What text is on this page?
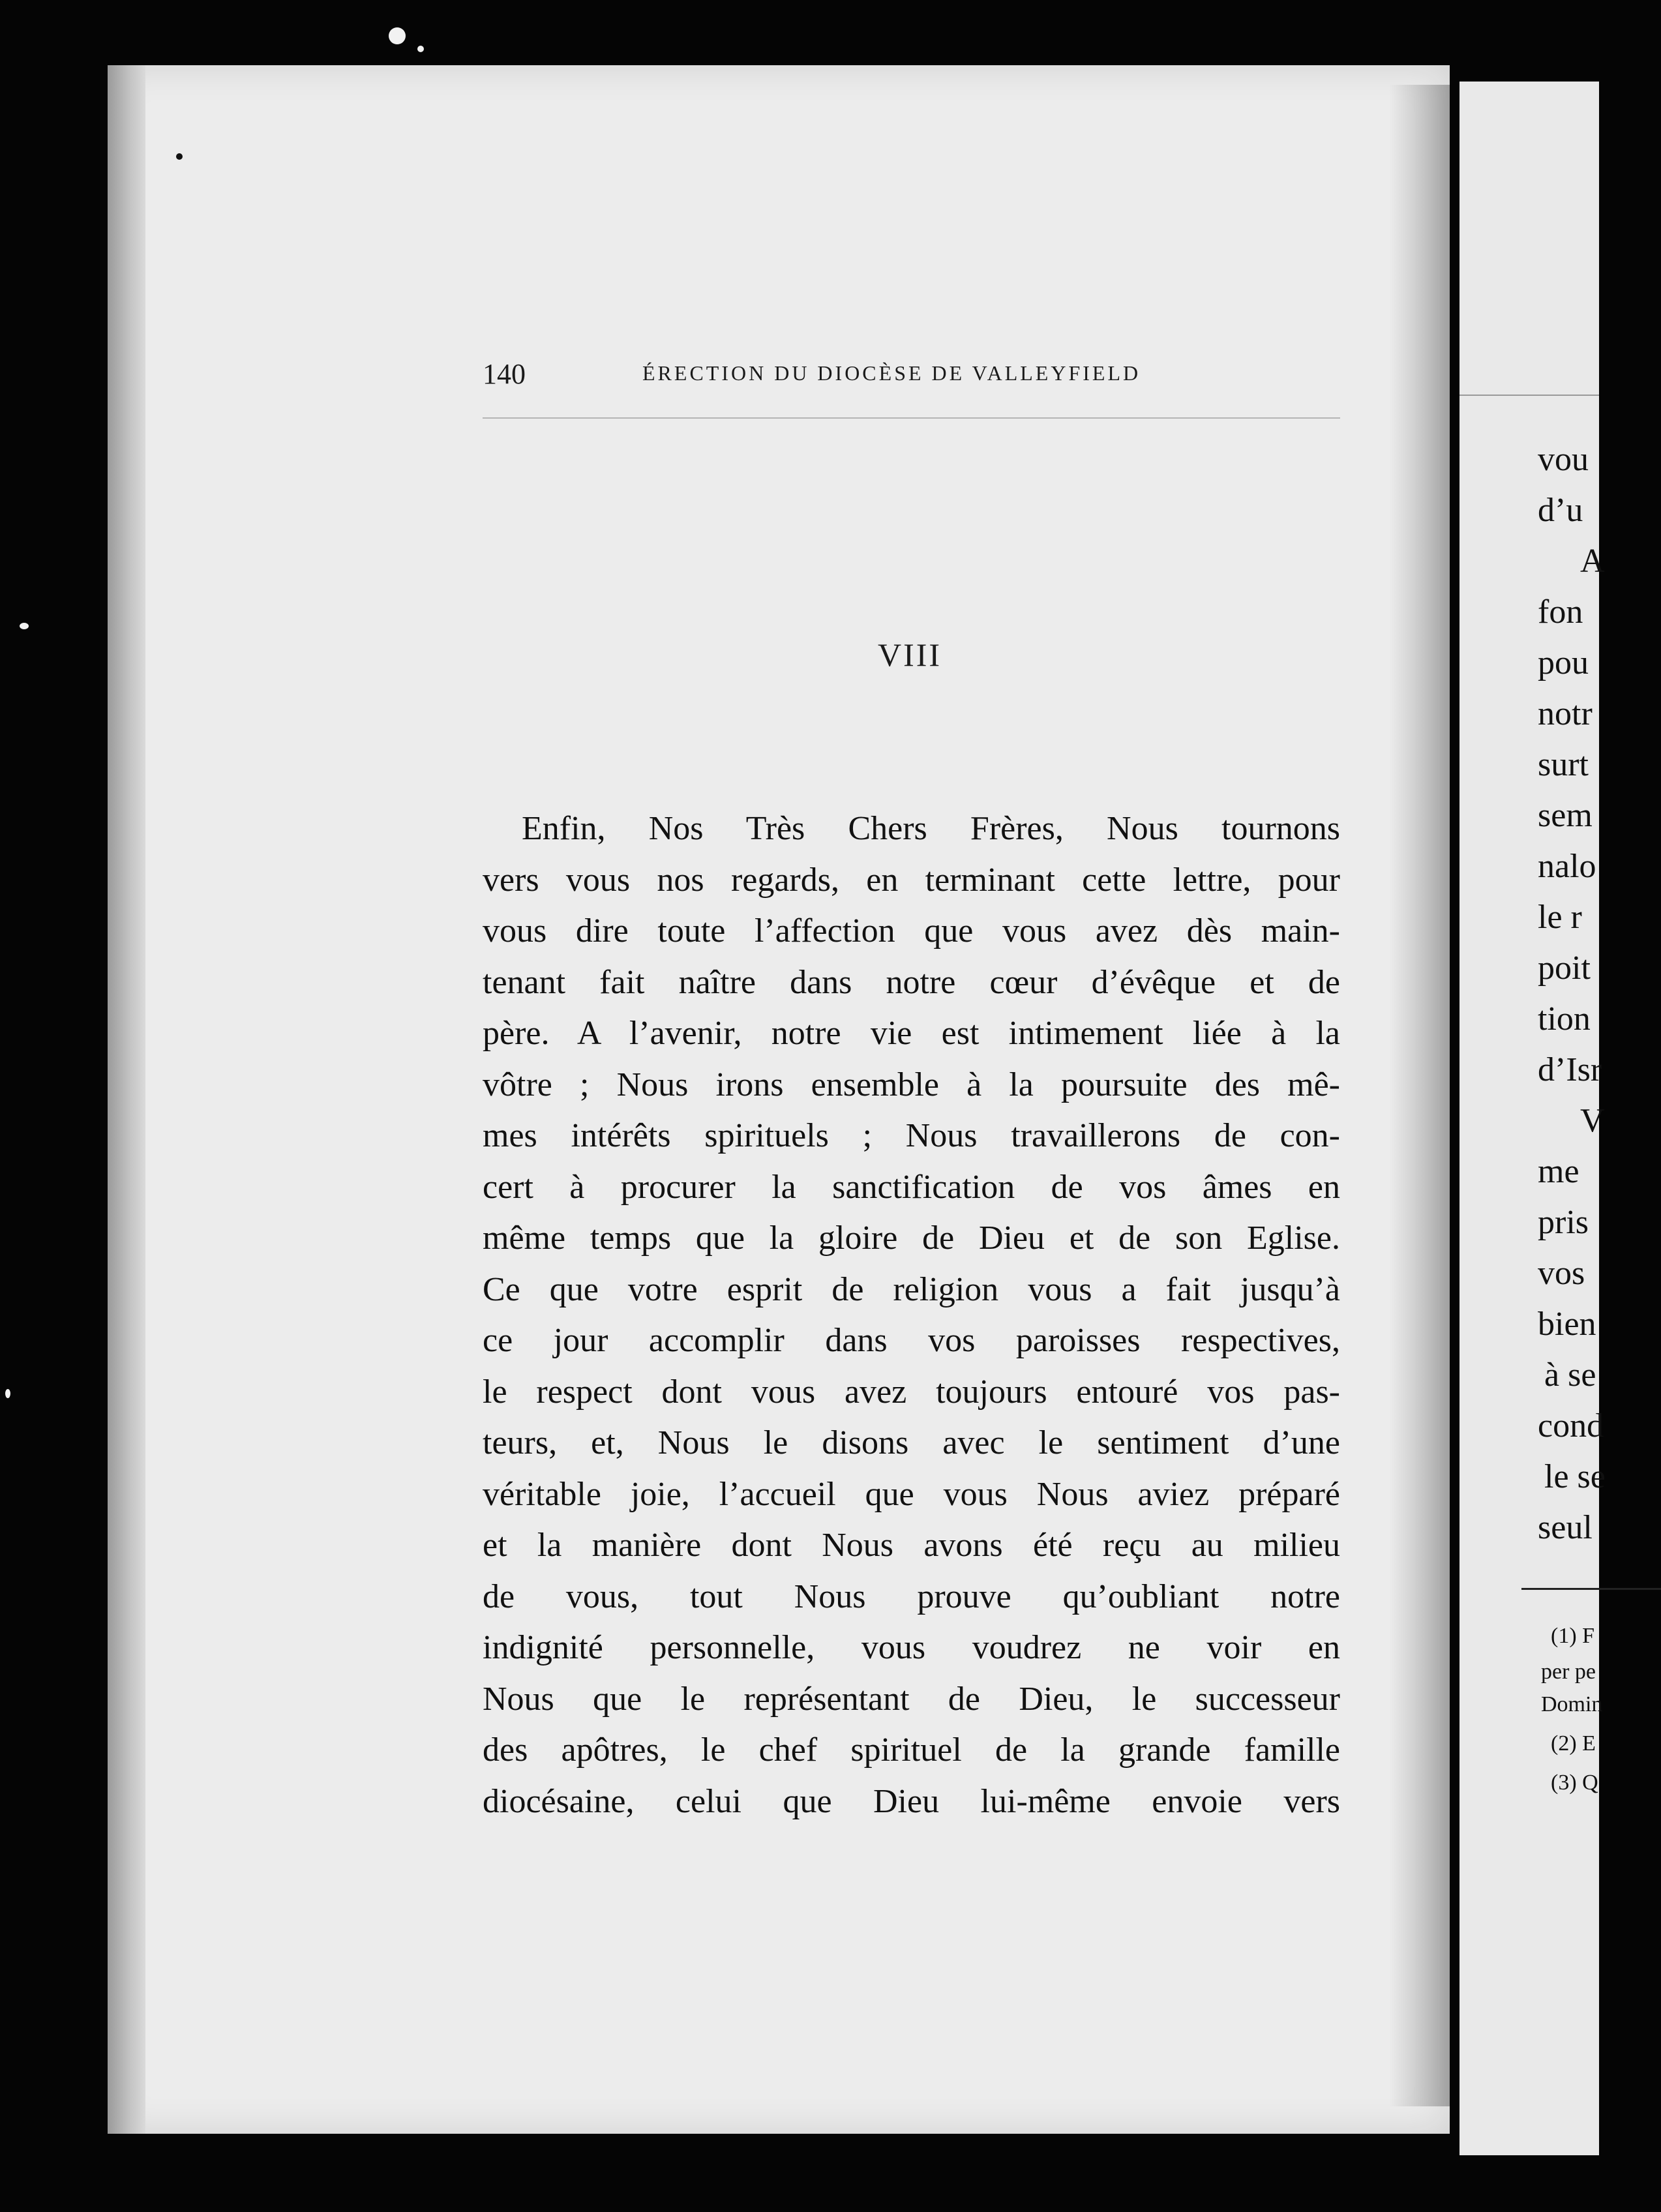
140	ÉRECTION DU DIOCÈSE DE VALLEYFIELD
VIII
Enfin, Nos Très Chers Frères, Nous tournons
vers vous nos regards, en terminant cette lettre, pour
vous dire toute l’affection que vous avez dès main-
tenant fait naître dans notre cœur d’évêque et de
père. A l’avenir, notre vie est intimement liée à la
vôtre ; Nous irons ensemble à la poursuite des mê-
mes intérêts spirituels ; Nous travaillerons de con-
cert à procurer la sanctification de vos âmes en
même temps que la gloire de Dieu et de son Eglise.
Ce que votre esprit de religion vous a fait jusqu’à
ce jour accomplir dans vos paroisses respectives,
le respect dont vous avez toujours entouré vos pas-
teurs, et, Nous le disons avec le sentiment d’une
véritable joie, l’accueil que vous Nous aviez préparé
et la manière dont Nous avons été reçu au milieu
de vous, tout Nous prouve qu’oubliant notre
indignité personnelle, vous voudrez ne voir en
Nous que le représentant de Dieu, le successeur
des apôtres, le chef spirituel de la grande famille
diocésaine, celui que Dieu lui-même envoie vers
vou
d’u
A
fon
pou
notr
surt
sem
nalo
le r
poit
tion
d’Isr
V
me
pris
vos
bien
à se
cond
le se
seul
(1) F
per pe
Domin
(2) E
(3) Q
